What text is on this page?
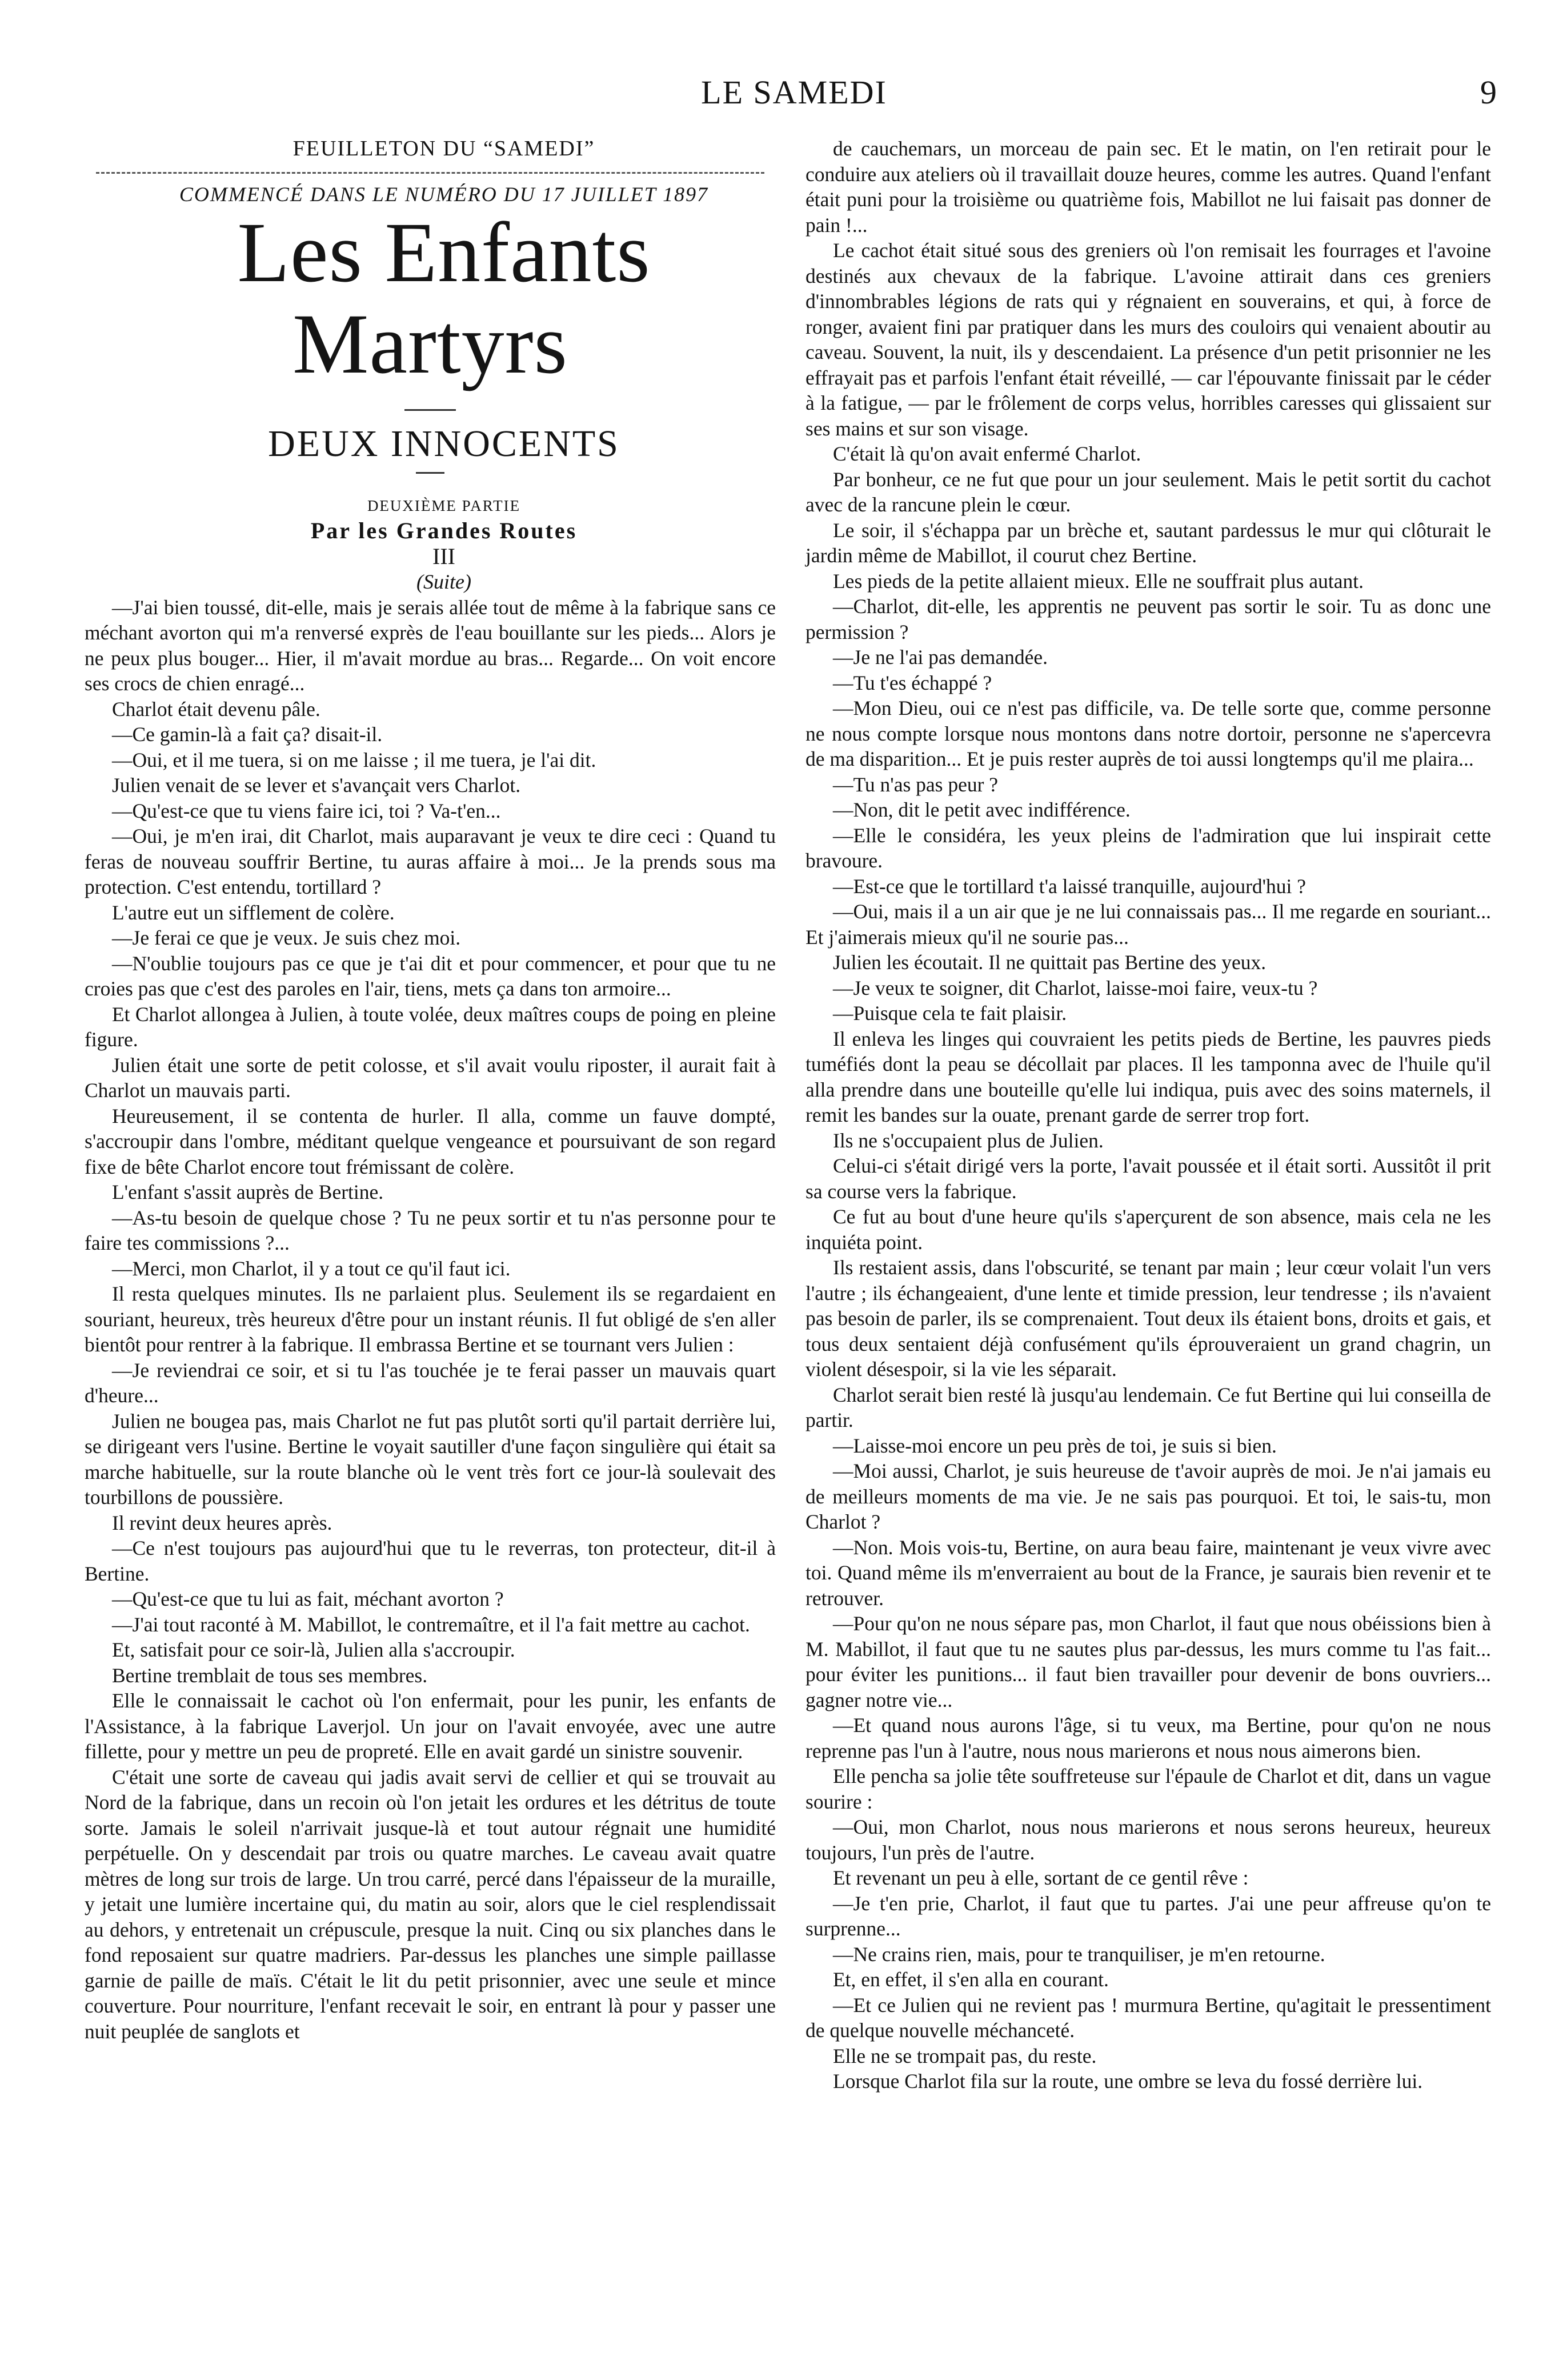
LE SAMEDI	9

FEUILLETON DU “SAMEDI”

COMMENCÉ DANS LE NUMÉRO DU 17 JUILLET 1897

Les Enfants Martyrs

DEUX INNOCENTS

DEUXIÈME PARTIE

Par les Grandes Routes

III

(Suite)

—J'ai bien toussé, dit-elle, mais je serais allée tout de même à la fabrique sans ce méchant avorton qui m'a renversé exprès de l'eau bouillante sur les pieds... Alors je ne peux plus bouger... Hier, il m'avait mordue au bras... Regarde... On voit encore ses crocs de chien enragé...

Charlot était devenu pâle.

—Ce gamin-là a fait ça? disait-il.

—Oui, et il me tuera, si on me laisse ; il me tuera, je l'ai dit.

Julien venait de se lever et s'avançait vers Charlot.

—Qu'est-ce que tu viens faire ici, toi ? Va-t'en...

—Oui, je m'en irai, dit Charlot, mais auparavant je veux te dire ceci : Quand tu feras de nouveau souffrir Bertine, tu auras affaire à moi... Je la prends sous ma protection. C'est entendu, tortillard ?

L'autre eut un sifflement de colère.

—Je ferai ce que je veux. Je suis chez moi.

—N'oublie toujours pas ce que je t'ai dit et pour commencer, et pour que tu ne croies pas que c'est des paroles en l'air, tiens, mets ça dans ton armoire...

Et Charlot allongea à Julien, à toute volée, deux maîtres coups de poing en pleine figure.

Julien était une sorte de petit colosse, et s'il avait voulu riposter, il aurait fait à Charlot un mauvais parti.

Heureusement, il se contenta de hurler. Il alla, comme un fauve dompté, s'accroupir dans l'ombre, méditant quelque vengeance et poursuivant de son regard fixe de bête Charlot encore tout frémissant de colère.

L'enfant s'assit auprès de Bertine.

—As-tu besoin de quelque chose ? Tu ne peux sortir et tu n'as personne pour te faire tes commissions ?...

—Merci, mon Charlot, il y a tout ce qu'il faut ici.

Il resta quelques minutes. Ils ne parlaient plus. Seulement ils se regardaient en souriant, heureux, très heureux d'être pour un instant réunis. Il fut obligé de s'en aller bientôt pour rentrer à la fabrique. Il embrassa Bertine et se tournant vers Julien :

—Je reviendrai ce soir, et si tu l'as touchée je te ferai passer un mauvais quart d'heure...

Julien ne bougea pas, mais Charlot ne fut pas plutôt sorti qu'il partait derrière lui, se dirigeant vers l'usine. Bertine le voyait sautiller d'une façon singulière qui était sa marche habituelle, sur la route blanche où le vent très fort ce jour-là soulevait des tourbillons de poussière.

Il revint deux heures après.

—Ce n'est toujours pas aujourd'hui que tu le reverras, ton protecteur, dit-il à Bertine.

—Qu'est-ce que tu lui as fait, méchant avorton ?

—J'ai tout raconté à M. Mabillot, le contremaître, et il l'a fait mettre au cachot.

Et, satisfait pour ce soir-là, Julien alla s'accroupir.

Bertine tremblait de tous ses membres.

Elle le connaissait le cachot où l'on enfermait, pour les punir, les enfants de l'Assistance, à la fabrique Laverjol. Un jour on l'avait envoyée, avec une autre fillette, pour y mettre un peu de propreté. Elle en avait gardé un sinistre souvenir.

C'était une sorte de caveau qui jadis avait servi de cellier et qui se trouvait au Nord de la fabrique, dans un recoin où l'on jetait les ordures et les détritus de toute sorte. Jamais le soleil n'arrivait jusque-là et tout autour régnait une humidité perpétuelle. On y descendait par trois ou quatre marches. Le caveau avait quatre mètres de long sur trois de large. Un trou carré, percé dans l'épaisseur de la muraille, y jetait une lumière incertaine qui, du matin au soir, alors que le ciel resplendissait au dehors, y entretenait un crépuscule, presque la nuit. Cinq ou six planches dans le fond reposaient sur quatre madriers. Par-dessus les planches une simple paillasse garnie de paille de maïs. C'était le lit du petit prisonnier, avec une seule et mince couverture. Pour nourriture, l'enfant recevait le soir, en entrant là pour y passer une nuit peuplée de sanglots et

de cauchemars, un morceau de pain sec. Et le matin, on l'en retirait pour le conduire aux ateliers où il travaillait douze heures, comme les autres. Quand l'enfant était puni pour la troisième ou quatrième fois, Mabillot ne lui faisait pas donner de pain !...

Le cachot était situé sous des greniers où l'on remisait les fourrages et l'avoine destinés aux chevaux de la fabrique. L'avoine attirait dans ces greniers d'innombrables légions de rats qui y régnaient en souverains, et qui, à force de ronger, avaient fini par pratiquer dans les murs des couloirs qui venaient aboutir au caveau. Souvent, la nuit, ils y descendaient. La présence d'un petit prisonnier ne les effrayait pas et parfois l'enfant était réveillé, — car l'épouvante finissait par le céder à la fatigue, — par le frôlement de corps velus, horribles caresses qui glissaient sur ses mains et sur son visage.

C'était là qu'on avait enfermé Charlot.

Par bonheur, ce ne fut que pour un jour seulement. Mais le petit sortit du cachot avec de la rancune plein le cœur.

Le soir, il s'échappa par un brèche et, sautant pardessus le mur qui clôturait le jardin même de Mabillot, il courut chez Bertine.

Les pieds de la petite allaient mieux. Elle ne souffrait plus autant.

—Charlot, dit-elle, les apprentis ne peuvent pas sortir le soir. Tu as donc une permission ?

—Je ne l'ai pas demandée.

—Tu t'es échappé ?

—Mon Dieu, oui ce n'est pas difficile, va. De telle sorte que, comme personne ne nous compte lorsque nous montons dans notre dortoir, personne ne s'apercevra de ma disparition... Et je puis rester auprès de toi aussi longtemps qu'il me plaira...

—Tu n'as pas peur ?

—Non, dit le petit avec indifférence.

—Elle le considéra, les yeux pleins de l'admiration que lui inspirait cette bravoure.

—Est-ce que le tortillard t'a laissé tranquille, aujourd'hui ?

—Oui, mais il a un air que je ne lui connaissais pas... Il me regarde en souriant... Et j'aimerais mieux qu'il ne sourie pas...

Julien les écoutait. Il ne quittait pas Bertine des yeux.

—Je veux te soigner, dit Charlot, laisse-moi faire, veux-tu ?

—Puisque cela te fait plaisir.

Il enleva les linges qui couvraient les petits pieds de Bertine, les pauvres pieds tuméfiés dont la peau se décollait par places. Il les tamponna avec de l'huile qu'il alla prendre dans une bouteille qu'elle lui indiqua, puis avec des soins maternels, il remit les bandes sur la ouate, prenant garde de serrer trop fort.

Ils ne s'occupaient plus de Julien.

Celui-ci s'était dirigé vers la porte, l'avait poussée et il était sorti. Aussitôt il prit sa course vers la fabrique.

Ce fut au bout d'une heure qu'ils s'aperçurent de son absence, mais cela ne les inquiéta point.

Ils restaient assis, dans l'obscurité, se tenant par main ; leur cœur volait l'un vers l'autre ; ils échangeaient, d'une lente et timide pression, leur tendresse ; ils n'avaient pas besoin de parler, ils se comprenaient. Tout deux ils étaient bons, droits et gais, et tous deux sentaient déjà confusément qu'ils éprouveraient un grand chagrin, un violent désespoir, si la vie les séparait.

Charlot serait bien resté là jusqu'au lendemain. Ce fut Bertine qui lui conseilla de partir.

—Laisse-moi encore un peu près de toi, je suis si bien.

—Moi aussi, Charlot, je suis heureuse de t'avoir auprès de moi. Je n'ai jamais eu de meilleurs moments de ma vie. Je ne sais pas pourquoi. Et toi, le sais-tu, mon Charlot ?

—Non. Mois vois-tu, Bertine, on aura beau faire, maintenant je veux vivre avec toi. Quand même ils m'enverraient au bout de la France, je saurais bien revenir et te retrouver.

—Pour qu'on ne nous sépare pas, mon Charlot, il faut que nous obéissions bien à M. Mabillot, il faut que tu ne sautes plus par-dessus, les murs comme tu l'as fait... pour éviter les punitions... il faut bien travailler pour devenir de bons ouvriers... gagner notre vie...

—Et quand nous aurons l'âge, si tu veux, ma Bertine, pour qu'on ne nous reprenne pas l'un à l'autre, nous nous marierons et nous nous aimerons bien.

Elle pencha sa jolie tête souffreteuse sur l'épaule de Charlot et dit, dans un vague sourire :

—Oui, mon Charlot, nous nous marierons et nous serons heureux, heureux toujours, l'un près de l'autre.

Et revenant un peu à elle, sortant de ce gentil rêve :

—Je t'en prie, Charlot, il faut que tu partes. J'ai une peur affreuse qu'on te surprenne...

—Ne crains rien, mais, pour te tranquiliser, je m'en retourne.

Et, en effet, il s'en alla en courant.

—Et ce Julien qui ne revient pas ! murmura Bertine, qu'agitait le pressentiment de quelque nouvelle méchanceté.

Elle ne se trompait pas, du reste.

Lorsque Charlot fila sur la route, une ombre se leva du fossé derrière lui.
